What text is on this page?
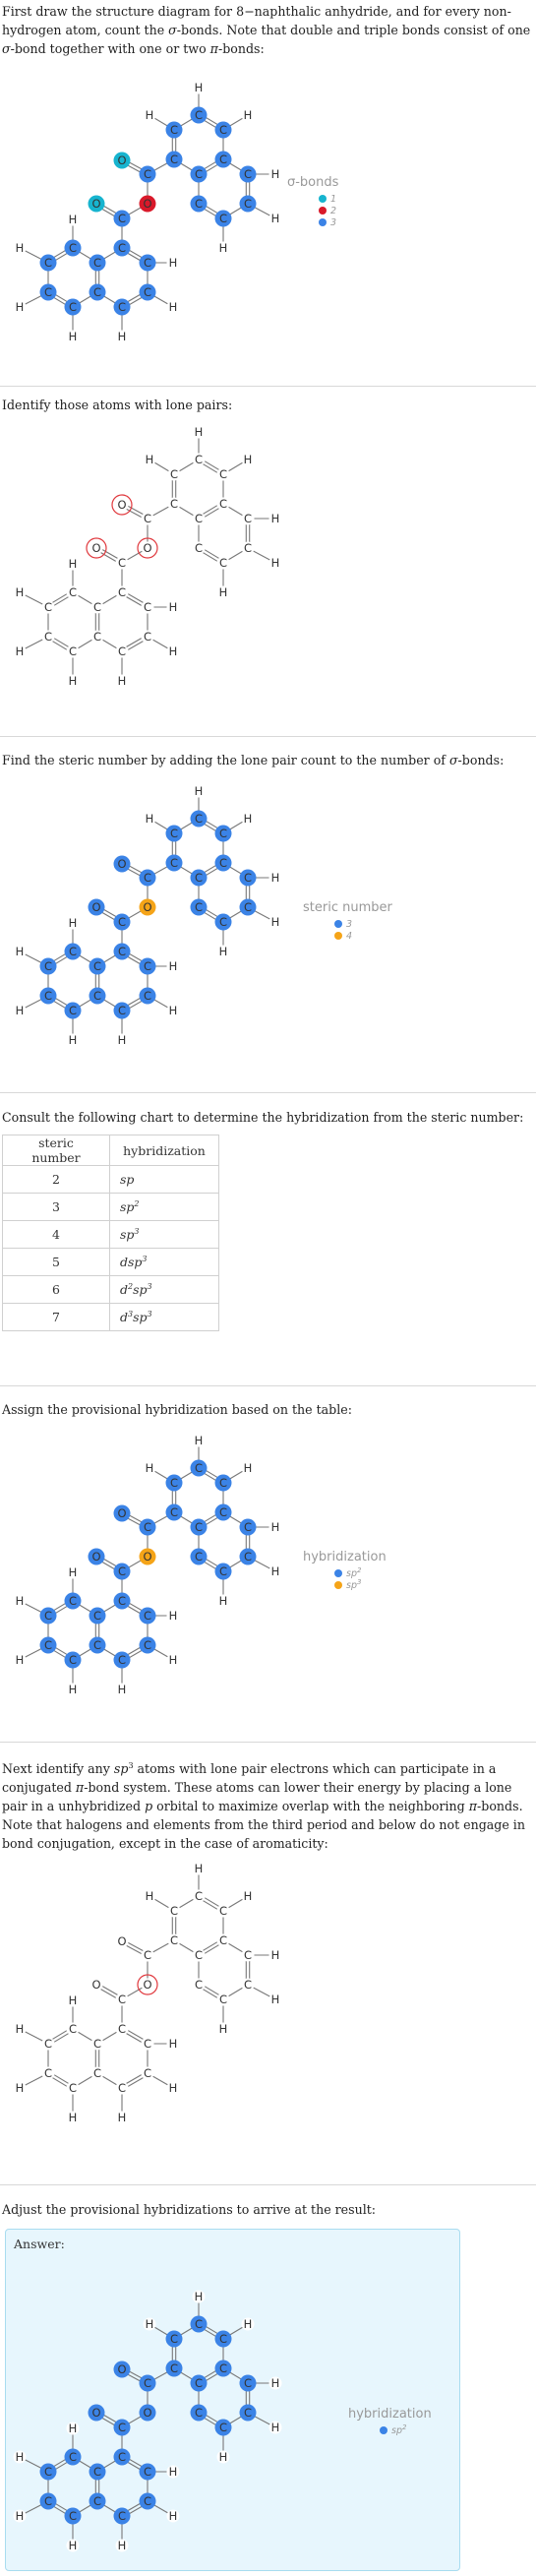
First draw the structure diagram for 8−naphthalic anhydride, and for every non-hydrogen atom, count the σ-bonds. Note that double and triple bonds consist of one σ-bond together with one or two π-bonds:
C
C
C
C
C
C
C
C
C
C
C
O
O
C
O
C
C
C
C
C
C
C
C
C
C
H
H
H
H
H
H
H
H
H
H
H
H
H
σ-bonds
1
2
3
Identify those atoms with lone pairs:
C
C
C
C
C
C
C
C
C
C
C
O
O
C
O
C
C
C
C
C
C
C
C
C
C
H
H
H
H
H
H
H
H
H
H
H
H
H
Find the steric number by adding the lone pair count to the number of σ-bonds:
C
C
C
C
C
C
C
C
C
C
C
O
O
C
O
C
C
C
C
C
C
C
C
C
C
H
H
H
H
H
H
H
H
H
H
H
H
H
steric number
3
4
Consult the following chart to determine the hybridization from the steric number:
steric number	hybridization
2	sp
3	$sp^2$
4	$sp^3$
5	dsp$^3$
6	$d^2sp^3$
7	$d^3sp^3$
Assign the provisional hybridization based on the table:
C
C
C
C
C
C
C
C
C
C
C
O
O
C
O
C
C
C
C
C
C
C
C
C
C
H
H
H
H
H
H
H
H
H
H
H
H
H
hybridization
$sp^2$
$sp^3$
Next identify any $sp^3$ atoms with lone pair electrons which can participate in a conjugated π-bond system. These atoms can lower their energy by placing a lone pair in a unhybridized p orbital to maximize overlap with the neighboring π-bonds. Note that halogens and elements from the third period and below do not engage in bond conjugation, except in the case of aromaticity:
C
C
C
C
C
C
C
C
C
C
C
O
O
C
O
C
C
C
C
C
C
C
C
C
C
H
H
H
H
H
H
H
H
H
H
H
H
H
Adjust the provisional hybridizations to arrive at the result:
Answer:
C
C
C
C
C
C
C
C
C
C
C
O
O
C
O
C
C
C
C
C
C
C
C
C
C
H
H
H
H
H
H
H
H
H
H
H
H
H
hybridization
$sp^2$
